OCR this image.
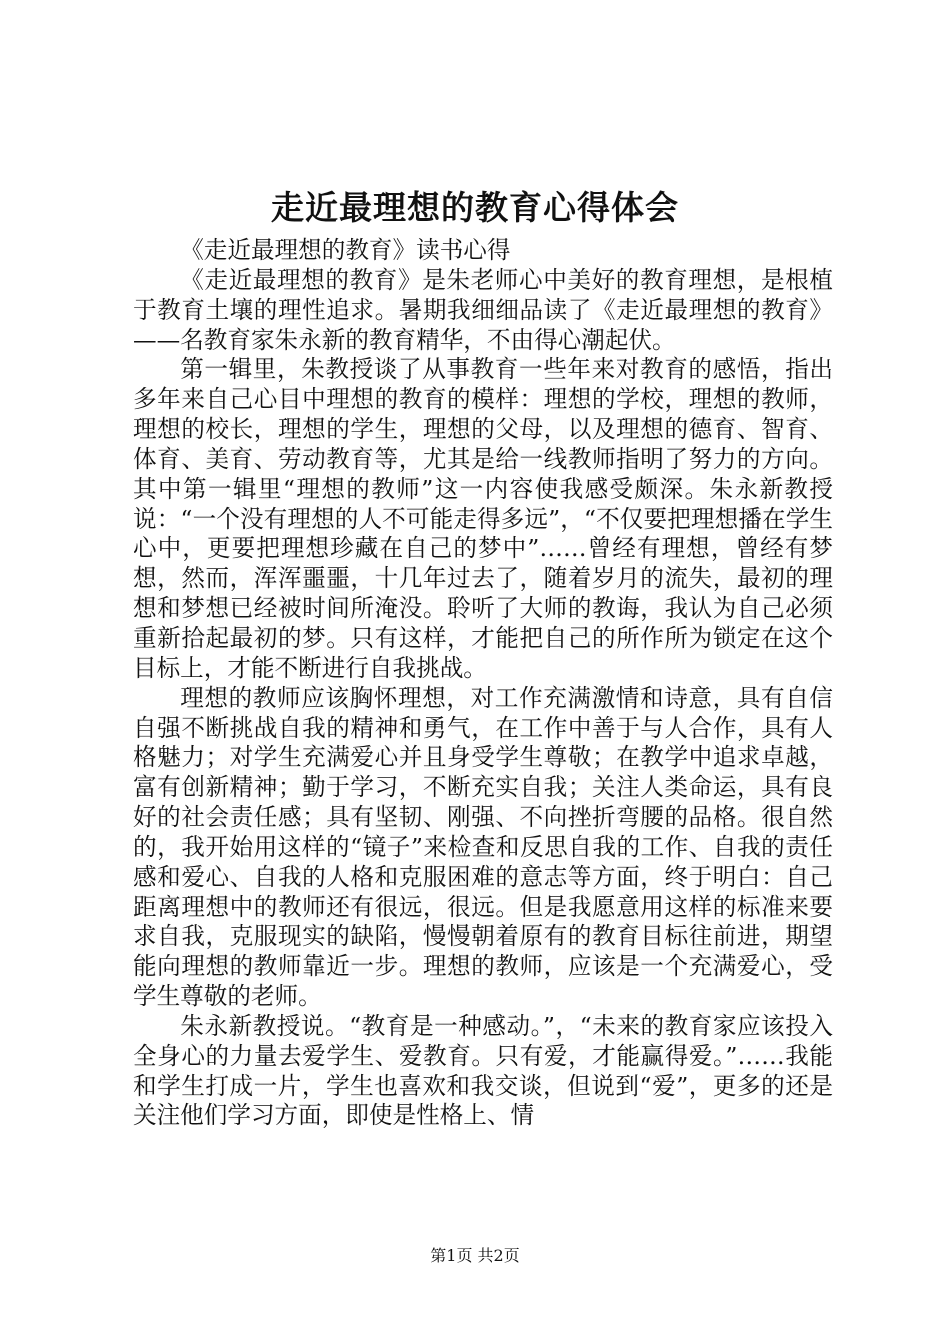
走近最理想的教育心得体会

《走近最理想的教育》读书心得

《走近最理想的教育》是朱老师心中美好的教育理想，是根植于教育土壤的理性追求。暑期我细细品读了《走近最理想的教育》——名教育家朱永新的教育精华，不由得心潮起伏。

第一辑里，朱教授谈了从事教育一些年来对教育的感悟，指出多年来自己心目中理想的教育的模样：理想的学校，理想的教师，理想的校长，理想的学生，理想的父母，以及理想的德育、智育、体育、美育、劳动教育等，尤其是给一线教师指明了努力的方向。其中第一辑里“理想的教师”这一内容使我感受颇深。朱永新教授说：“一个没有理想的人不可能走得多远”，“不仅要把理想播在学生心中，更要把理想珍藏在自己的梦中”……曾经有理想，曾经有梦想，然而，浑浑噩噩，十几年过去了，随着岁月的流失，最初的理想和梦想已经被时间所淹没。聆听了大师的教诲，我认为自己必须重新拾起最初的梦。只有这样，才能把自己的所作所为锁定在这个目标上，才能不断进行自我挑战。

理想的教师应该胸怀理想，对工作充满激情和诗意，具有自信自强不断挑战自我的精神和勇气，在工作中善于与人合作，具有人格魅力；对学生充满爱心并且身受学生尊敬；在教学中追求卓越，富有创新精神；勤于学习，不断充实自我；关注人类命运，具有良好的社会责任感；具有坚韧、刚强、不向挫折弯腰的品格。很自然的，我开始用这样的“镜子”来检查和反思自我的工作、自我的责任感和爱心、自我的人格和克服困难的意志等方面，终于明白：自己距离理想中的教师还有很远，很远。但是我愿意用这样的标准来要求自我，克服现实的缺陷，慢慢朝着原有的教育目标往前进，期望能向理想的教师靠近一步。理想的教师，应该是一个充满爱心，受学生尊敬的老师。

朱永新教授说。“教育是一种感动。”，“未来的教育家应该投入全身心的力量去爱学生、爱教育。只有爱，才能赢得爱。”……我能和学生打成一片，学生也喜欢和我交谈，但说到“爱”，更多的还是关注他们学习方面，即使是性格上、情

第1页 共2页
